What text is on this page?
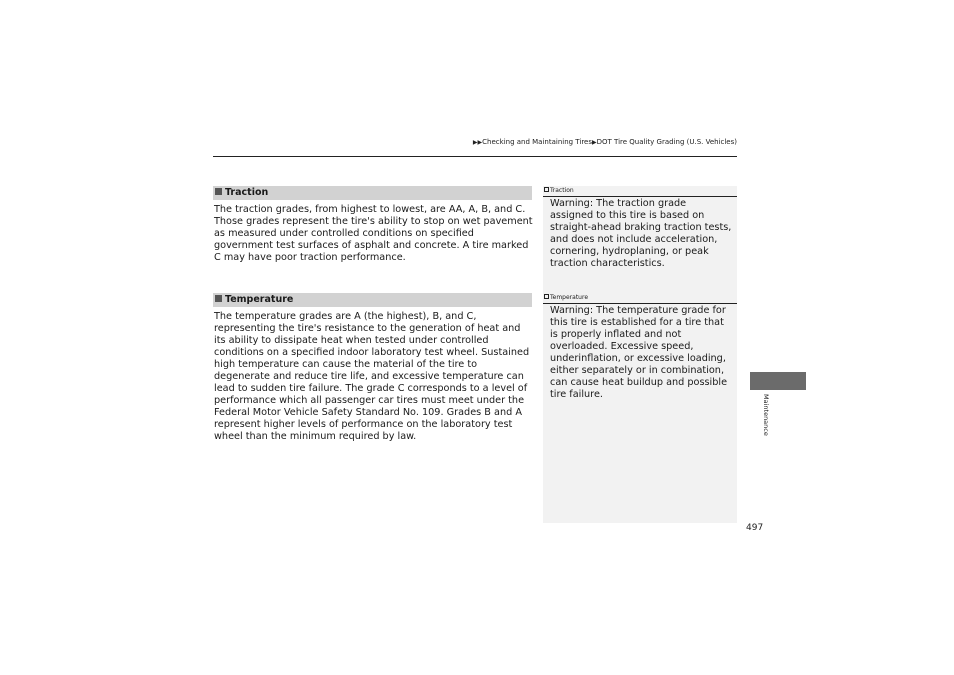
▶▶Checking and Maintaining Tires▶DOT Tire Quality Grading (U.S. Vehicles)
Traction
The traction grades, from highest to lowest, are AA, A, B, and C. Those grades represent the tire's ability to stop on wet pavement as measured under controlled conditions on specified government test surfaces of asphalt and concrete. A tire marked C may have poor traction performance.
Temperature
The temperature grades are A (the highest), B, and C, representing the tire's resistance to the generation of heat and its ability to dissipate heat when tested under controlled conditions on a specified indoor laboratory test wheel. Sustained high temperature can cause the material of the tire to degenerate and reduce tire life, and excessive temperature can lead to sudden tire failure. The grade C corresponds to a level of performance which all passenger car tires must meet under the Federal Motor Vehicle Safety Standard No. 109. Grades B and A represent higher levels of performance on the laboratory test wheel than the minimum required by law.
Traction
Warning: The traction grade assigned to this tire is based on straight-ahead braking traction tests, and does not include acceleration, cornering, hydroplaning, or peak traction characteristics.
Temperature
Warning: The temperature grade for this tire is established for a tire that is properly inflated and not overloaded. Excessive speed, underinflation, or excessive loading, either separately or in combination, can cause heat buildup and possible tire failure.	Maintenance
497
